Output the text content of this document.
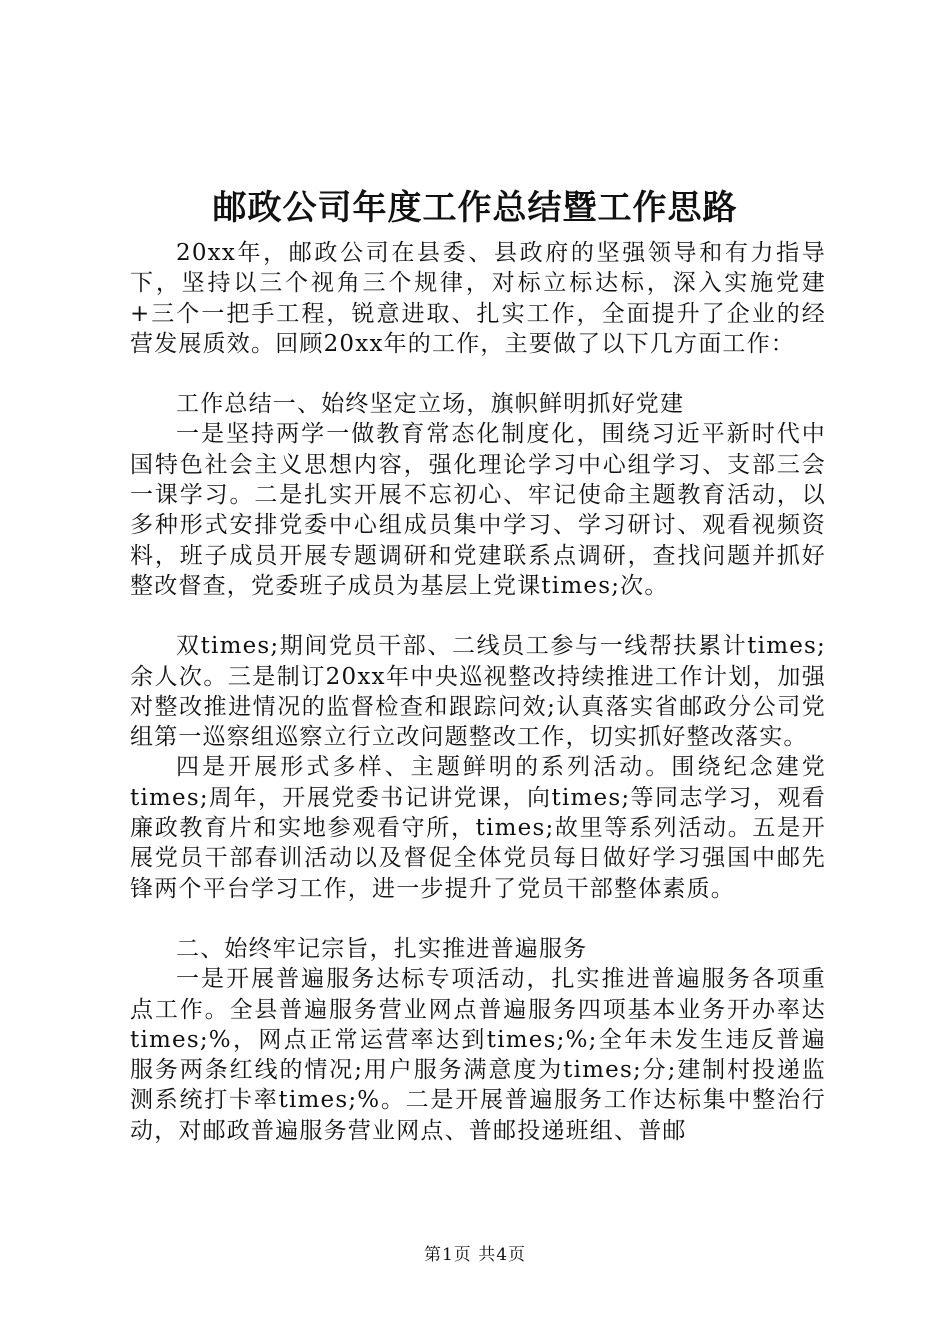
邮政公司年度工作总结暨工作思路

20xx年，邮政公司在县委、县政府的坚强领导和有力指导下，坚持以三个视角三个规律，对标立标达标，深入实施党建+三个一把手工程，锐意进取、扎实工作，全面提升了企业的经营发展质效。回顾20xx年的工作，主要做了以下几方面工作：

工作总结一、始终坚定立场，旗帜鲜明抓好党建

一是坚持两学一做教育常态化制度化，围绕习近平新时代中国特色社会主义思想内容，强化理论学习中心组学习、支部三会一课学习。二是扎实开展不忘初心、牢记使命主题教育活动，以多种形式安排党委中心组成员集中学习、学习研讨、观看视频资料，班子成员开展专题调研和党建联系点调研，查找问题并抓好整改督查，党委班子成员为基层上党课times;次。

双times;期间党员干部、二线员工参与一线帮扶累计times;余人次。三是制订20xx年中央巡视整改持续推进工作计划，加强对整改推进情况的监督检查和跟踪问效;认真落实省邮政分公司党组第一巡察组巡察立行立改问题整改工作，切实抓好整改落实。

四是开展形式多样、主题鲜明的系列活动。围绕纪念建党times;周年，开展党委书记讲党课，向times;等同志学习，观看廉政教育片和实地参观看守所，times;故里等系列活动。五是开展党员干部春训活动以及督促全体党员每日做好学习强国中邮先锋两个平台学习工作，进一步提升了党员干部整体素质。

二、始终牢记宗旨，扎实推进普遍服务

一是开展普遍服务达标专项活动，扎实推进普遍服务各项重点工作。全县普遍服务营业网点普遍服务四项基本业务开办率达times;%，网点正常运营率达到times;%;全年未发生违反普遍服务两条红线的情况;用户服务满意度为times;分;建制村投递监测系统打卡率times;%。二是开展普遍服务工作达标集中整治行动，对邮政普遍服务营业网点、普邮投递班组、普邮

第1页 共4页
